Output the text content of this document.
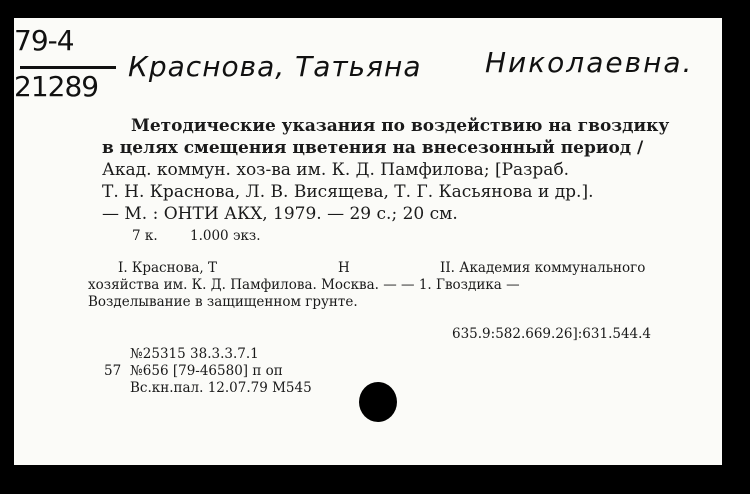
79-4
21289
Краснова, Татьяна Николаевна.
Методические указания по воздействию на гвоздику
в целях смещения цветения на внесезонный период /
Акад. коммун. хоз-ва им. К. Д. Памфилова; [Разраб.
Т. Н. Краснова, Л. В. Висящева, Т. Г. Касьянова и др.].
— М. : ОНТИ АКХ, 1979. — 29 с.; 20 см.
7 к. 1.000 экз.
I. Краснова, Т	Н	II. Академия коммунального
хозяйства им. К. Д. Памфилова. Москва. — — 1. Гвоздика —
Возделывание в защищенном грунте.
635.9:582.669.26]:631.544.4
№25315 38.3.3.7.1
57 №656 [79-46580] п оп
Вс.кн.пал. 12.07.79 М545
